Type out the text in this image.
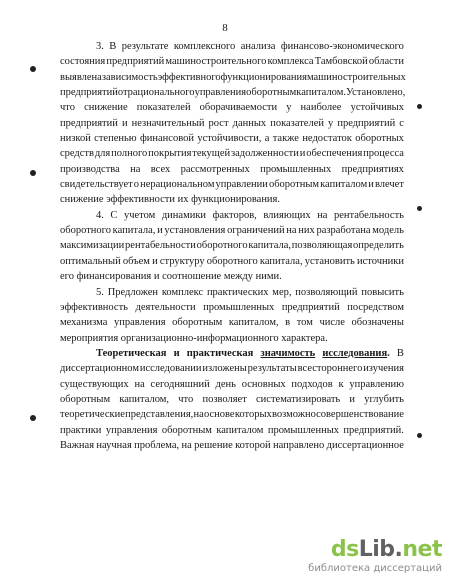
8
3. В результате комплексного анализа финансово-экономического
состояния предприятий машиностроительного комплекса Тамбовской области
выявлена зависимость эффективного функционирования машиностроительных
предприятий от рационального управления оборотным капиталом. Установлено,
что снижение показателей оборачиваемости у наиболее устойчивых
предприятий и незначительный рост данных показателей у предприятий с
низкой степенью финансовой устойчивости, а также недостаток оборотных
средств для полного покрытия текущей задолженности и обеспечения процесса
производства на всех рассмотренных промышленных предприятиях
свидетельствует о нерациональном управлении оборотным капиталом и влечет
снижение эффективности их функционирования.
4. С учетом динамики факторов, влияющих на рентабельность
оборотного капитала, и установления ограничений на них разработана модель
максимизации рентабельности оборотного капитала, позволяющая определить
оптимальный объем и структуру оборотного капитала, установить источники
его финансирования и соотношение между ними.
5. Предложен комплекс практических мер, позволяющий повысить
эффективность деятельности промышленных предприятий посредством
механизма управления оборотным капиталом, в том числе обозначены
мероприятия организационно-информационного характера.
Теоретическая и практическая значимость исследования. В
диссертационном исследовании изложены результаты всестороннего изучения
существующих на сегодняшний день основных подходов к управлению
оборотным капиталом, что позволяет систематизировать и углубить
теоретические представления, на основе которых возможно совершенствование
практики управления оборотным капиталом промышленных предприятий.
Важная научная проблема, на решение которой направлено диссертационное
dsLib.net
библиотека диссертаций
